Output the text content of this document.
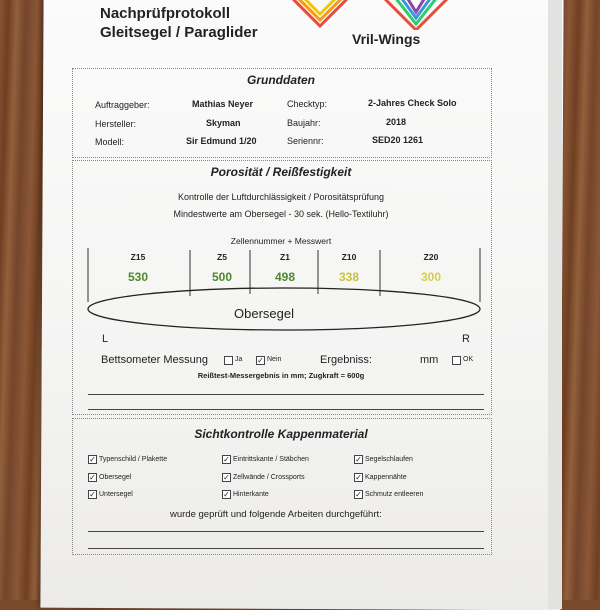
Nachprüfprotokoll
Gleitsegel / Paraglider	Vril-Wings
Grunddaten
Auftraggeber:	Mathias Neyer	Checktyp:	2-Jahres Check Solo
Hersteller:	Skyman	Baujahr:	2018
Modell:	Sir Edmund 1/20	Seriennr:	SED20 1261
Porosität / Reißfestigkeit
Kontrolle der Luftdurchlässigkeit / Porositätsprüfung
Mindestwerte am Obersegel - 30 sek. (Hello-Textiluhr)
Zellennummer + Messwert
Z15	Z5	Z1	Z10	Z20
530	500	498	338	300
Obersegel
L	R
Bettsometer Messung	Ja ✓ Nein	Ergebniss:	mm	OK
Reißtest-Messergebnis in mm; Zugkraft = 600g
Sichtkontrolle Kappenmaterial
✓ Typenschild / Plakette	✓ Eintrittskante / Stäbchen	✓ Segelschlaufen
✓ Obersegel	✓ Zellwände / Crossports	✓ Kappennähte
✓ Untersegel	✓ Hinterkante	✓ Schmutz entleeren
wurde geprüft und folgende Arbeiten durchgeführt:
